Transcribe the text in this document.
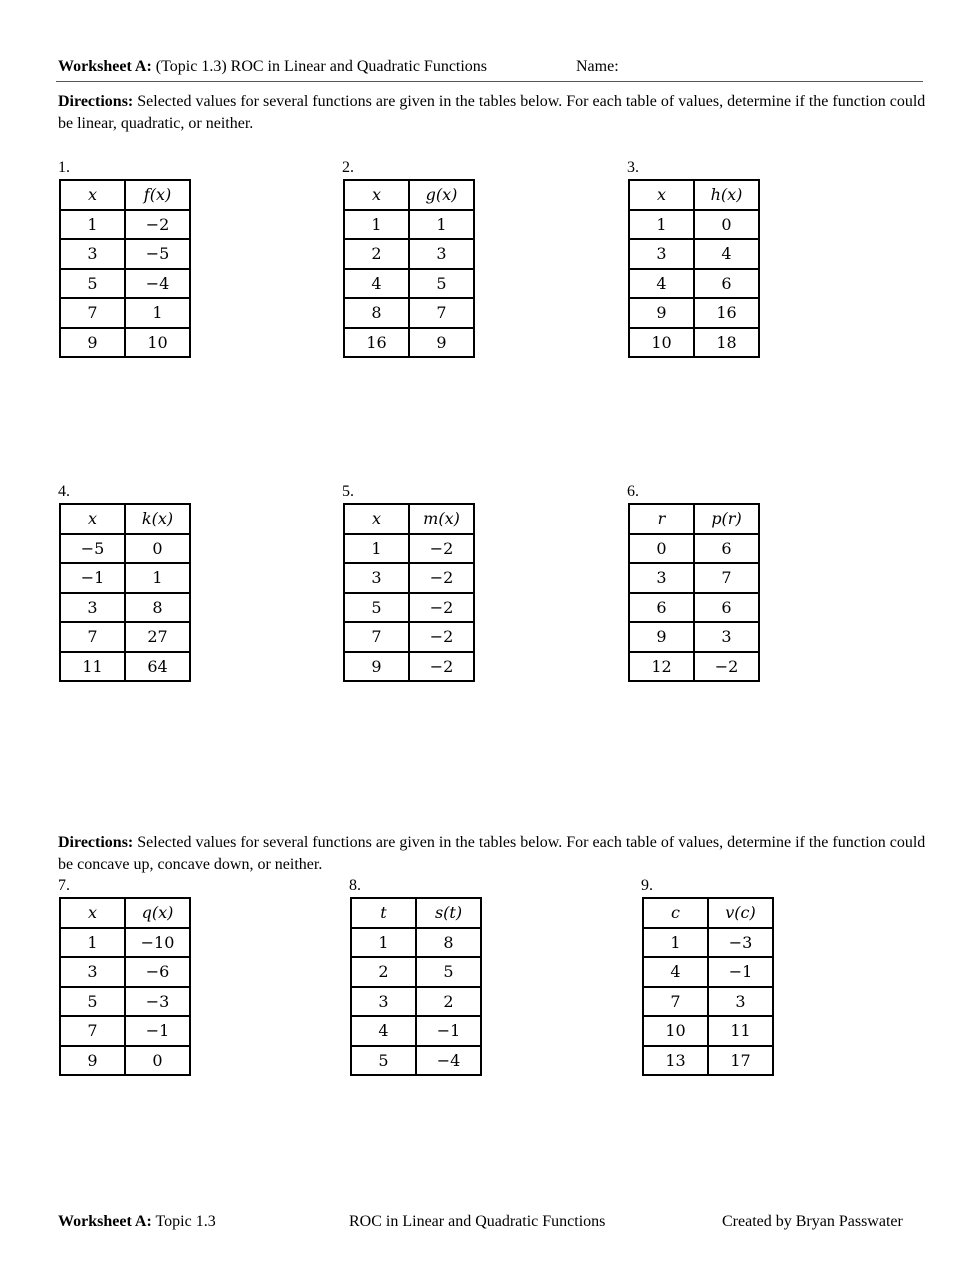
Worksheet A: (Topic 1.3) ROC in Linear and Quadratic Functions	Name:
Directions: Selected values for several functions are given in the tables below. For each table of values, determine if the function could be linear, quadratic, or neither.
1.
x	f(x)
1	−2
3	−5
5	−4
7	1
9	10
2.
x	g(x)
1	1
2	3
4	5
8	7
16	9
3.
x	h(x)
1	0
3	4
4	6
9	16
10	18
4.
x	k(x)
−5	0
−1	1
3	8
7	27
11	64
5.
x	m(x)
1	−2
3	−2
5	−2
7	−2
9	−2
6.
r	p(r)
0	6
3	7
6	6
9	3
12	−2
Directions: Selected values for several functions are given in the tables below. For each table of values, determine if the function could be concave up, concave down, or neither.
7.
x	q(x)
1	−10
3	−6
5	−3
7	−1
9	0
8.
t	s(t)
1	8
2	5
3	2
4	−1
5	−4
9.
c	v(c)
1	−3
4	−1
7	3
10	11
13	17
Worksheet A: Topic 1.3	ROC in Linear and Quadratic Functions	Created by Bryan Passwater
